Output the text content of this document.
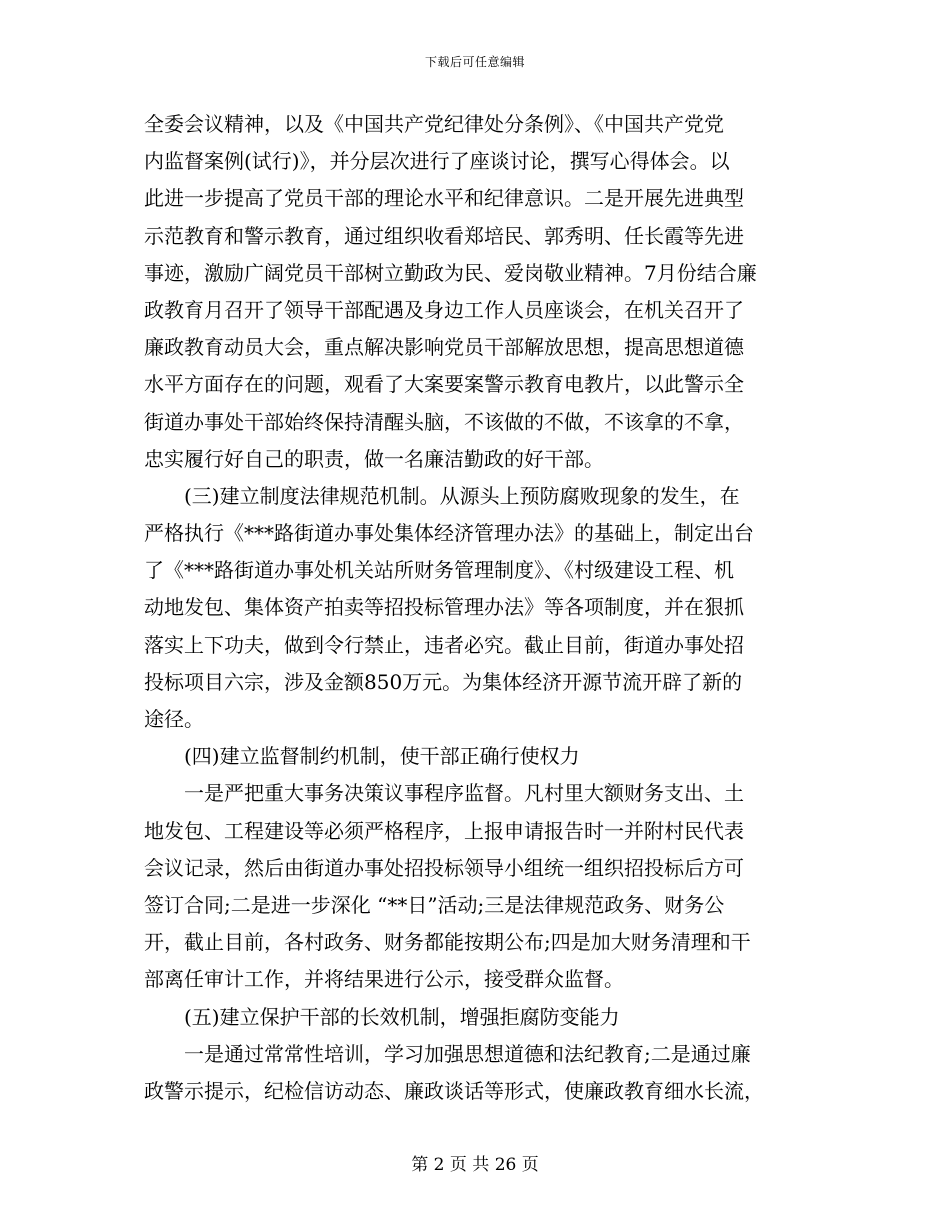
下载后可任意编辑
全委会议精神，以及《中国共产党纪律处分条例》、《中国共产党党
内监督案例(试行)》，并分层次进行了座谈讨论，撰写心得体会。以
此进一步提高了党员干部的理论水平和纪律意识。二是开展先进典型
示范教育和警示教育，通过组织收看郑培民、郭秀明、任长霞等先进
事迹，激励广阔党员干部树立勤政为民、爱岗敬业精神。7月份结合廉
政教育月召开了领导干部配遇及身边工作人员座谈会，在机关召开了
廉政教育动员大会，重点解决影响党员干部解放思想，提高思想道德
水平方面存在的问题，观看了大案要案警示教育电教片，以此警示全
街道办事处干部始终保持清醒头脑，不该做的不做，不该拿的不拿，
忠实履行好自己的职责，做一名廉洁勤政的好干部。
　　(三)建立制度法律规范机制。从源头上预防腐败现象的发生，在
严格执行《***路街道办事处集体经济管理办法》的基础上，制定出台
了《***路街道办事处机关站所财务管理制度》、《村级建设工程、机
动地发包、集体资产拍卖等招投标管理办法》等各项制度，并在狠抓
落实上下功夫，做到令行禁止，违者必究。截止目前，街道办事处招
投标项目六宗，涉及金额850万元。为集体经济开源节流开辟了新的
途径。
　　(四)建立监督制约机制，使干部正确行使权力
　　一是严把重大事务决策议事程序监督。凡村里大额财务支出、土
地发包、工程建设等必须严格程序，上报申请报告时一并附村民代表
会议记录，然后由街道办事处招投标领导小组统一组织招投标后方可
签订合同;二是进一步深化 “**日”活动;三是法律规范政务、财务公
开，截止目前，各村政务、财务都能按期公布;四是加大财务清理和干
部离任审计工作，并将结果进行公示，接受群众监督。
　　(五)建立保护干部的长效机制，增强拒腐防变能力
　　一是通过常常性培训，学习加强思想道德和法纪教育;二是通过廉
政警示提示，纪检信访动态、廉政谈话等形式，使廉政教育细水长流，
第 2 页 共 26 页
